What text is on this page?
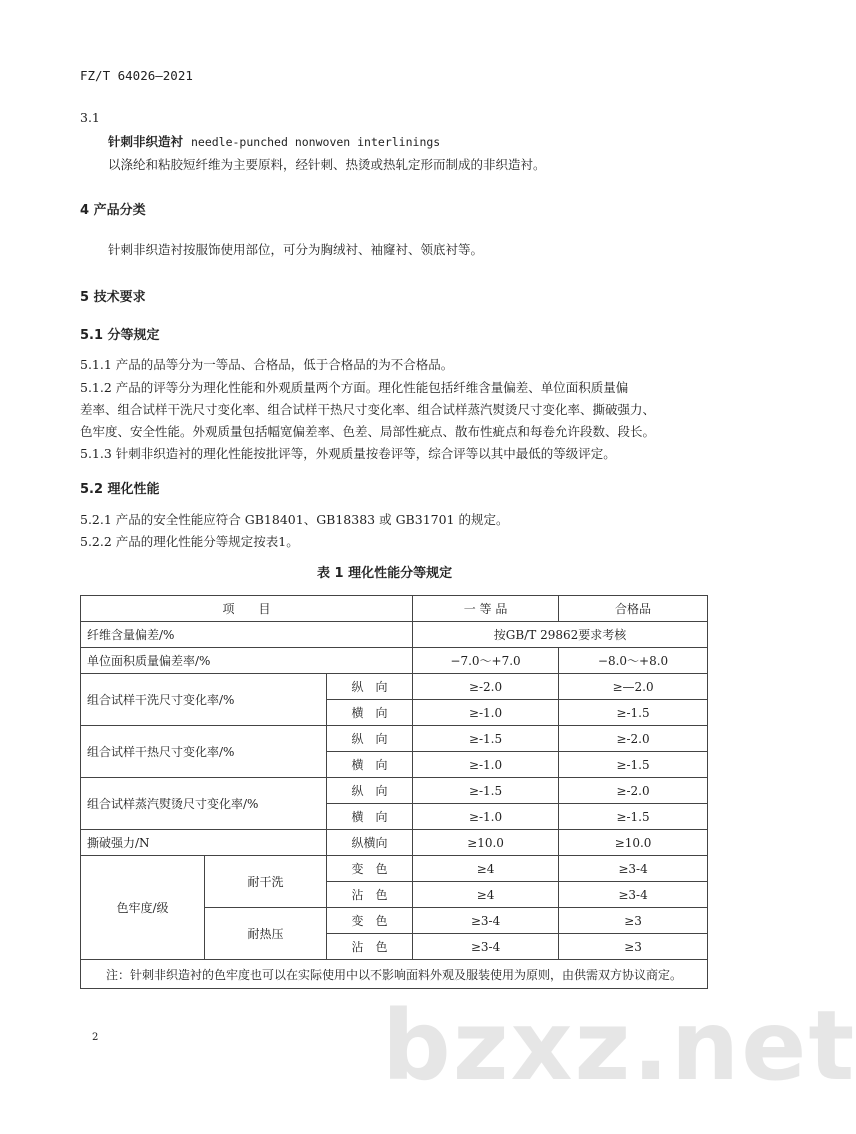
FZ/T 64026—2021
3.1
针刺非织造衬 needle-punched nonwoven interlinings
以涤纶和粘胶短纤维为主要原料，经针刺、热烫或热轧定形而制成的非织造衬。
4 产品分类
针刺非织造衬按服饰使用部位，可分为胸绒衬、袖窿衬、领底衬等。
5 技术要求
5.1 分等规定
5.1.1 产品的品等分为一等品、合格品，低于合格品的为不合格品。
5.1.2 产品的评等分为理化性能和外观质量两个方面。理化性能包括纤维含量偏差、单位面积质量偏
差率、组合试样干洗尺寸变化率、组合试样干热尺寸变化率、组合试样蒸汽熨烫尺寸变化率、撕破强力、
色牢度、安全性能。外观质量包括幅宽偏差率、色差、局部性疵点、散布性疵点和每卷允许段数、段长。
5.1.3 针刺非织造衬的理化性能按批评等，外观质量按卷评等，综合评等以其中最低的等级评定。
5.2 理化性能
5.2.1 产品的安全性能应符合 GB18401、GB18383 或 GB31701 的规定。
5.2.2 产品的理化性能分等规定按表1。
表 1 理化性能分等规定
项　　目			一 等 品	合格品
纤维含量偏差/%			按GB/T 29862要求考核	
单位面积质量偏差率/%			−7.0～+7.0	−8.0～+8.0
组合试样干洗尺寸变化率/%		纵　向	≥-2.0	≥—2.0
		横　向	≥-1.0	≥-1.5
组合试样干热尺寸变化率/%		纵　向	≥-1.5	≥-2.0
		横　向	≥-1.0	≥-1.5
组合试样蒸汽熨烫尺寸变化率/%		纵　向	≥-1.5	≥-2.0
		横　向	≥-1.0	≥-1.5
撕破强力/N		纵横向	≥10.0	≥10.0
色牢度/级	耐干洗	变　色	≥4	≥3-4
		沾　色	≥4	≥3-4
	耐热压	变　色	≥3-4	≥3
		沾　色	≥3-4	≥3
注：针刺非织造衬的色牢度也可以在实际使用中以不影响面料外观及服装使用为原则，由供需双方协议商定。				
2	bzxz.net
